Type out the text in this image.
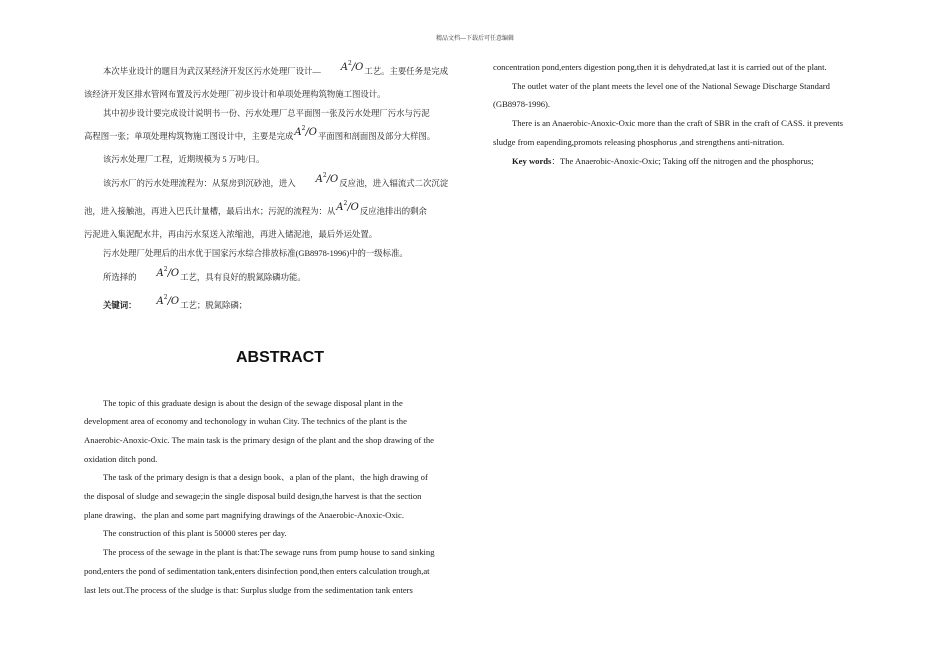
精品文档---下载后可任意编辑

本次毕业设计的题目为武汉某经济开发区污水处理厂设计— $A^2/O$工艺。主要任务是完成

该经济开发区排水管网布置及污水处理厂初步设计和单项处理构筑物施工图设计。

其中初步设计要完成设计说明书一份、污水处理厂总平面图一张及污水处理厂污水与污泥

高程图一张；单项处理构筑物施工图设计中，主要是完成$A^2/O$平面图和剖面图及部分大样图。

该污水处理厂工程，近期规模为 5 万吨/日。

该污水厂的污水处理流程为：从泵房到沉砂池，进入 $A^2/O$反应池，进入辐流式二次沉淀

池，进入接触池，再进入巴氏计量槽，最后出水；污泥的流程为：从$A^2/O$反应池排出的剩余

污泥进入集泥配水井，再由污水泵送入浓缩池，再进入储泥池，最后外运处置。

污水处理厂处理后的出水优于国家污水综合排放标准(GB8978-1996)中的一级标准。

所选择的 $A^2/O$工艺，具有良好的脱氮除磷功能。

关键词： $A^2/O$工艺；脱氮除磷；

ABSTRACT

The topic of this graduate design is about the design of the sewage disposal plant in the

development area of economy and techonology in wuhan City. The technics of the plant is the

Anaerobic-Anoxic-Oxic. The main task is the primary design of the plant and the shop drawing of the

oxidation ditch pond.

The task of the primary design is that a design book、a plan of the plant、the high drawing of

the disposal of sludge and sewage;in the single disposal build design,the harvest is that the section

plane drawing、the plan and some part magnifying drawings of the Anaerobic-Anoxic-Oxic.

The construction of this plant is 50000 steres per day.

The process of the sewage in the plant is that:The sewage runs from pump house to sand sinking

pond,enters the pond of sedimentation tank,enters disinfection pond,then enters calculation trough,at

last lets out.The process of the sludge is that: Surplus sludge from the sedimentation tank enters

concentration pond,enters digestion pong,then it is dehydrated,at last it is carried out of the plant.

The outlet water of the plant meets the level one of the National Sewage Discharge Standard

(GB8978-1996).

There is an Anaerobic-Anoxic-Oxic more than the craft of SBR in the craft of CASS. it prevents

sludge from eapending,promots releasing phosphorus ,and strengthens anti-nitration.

Key words：The Anaerobic-Anoxic-Oxic; Taking off the nitrogen and the phosphorus;
